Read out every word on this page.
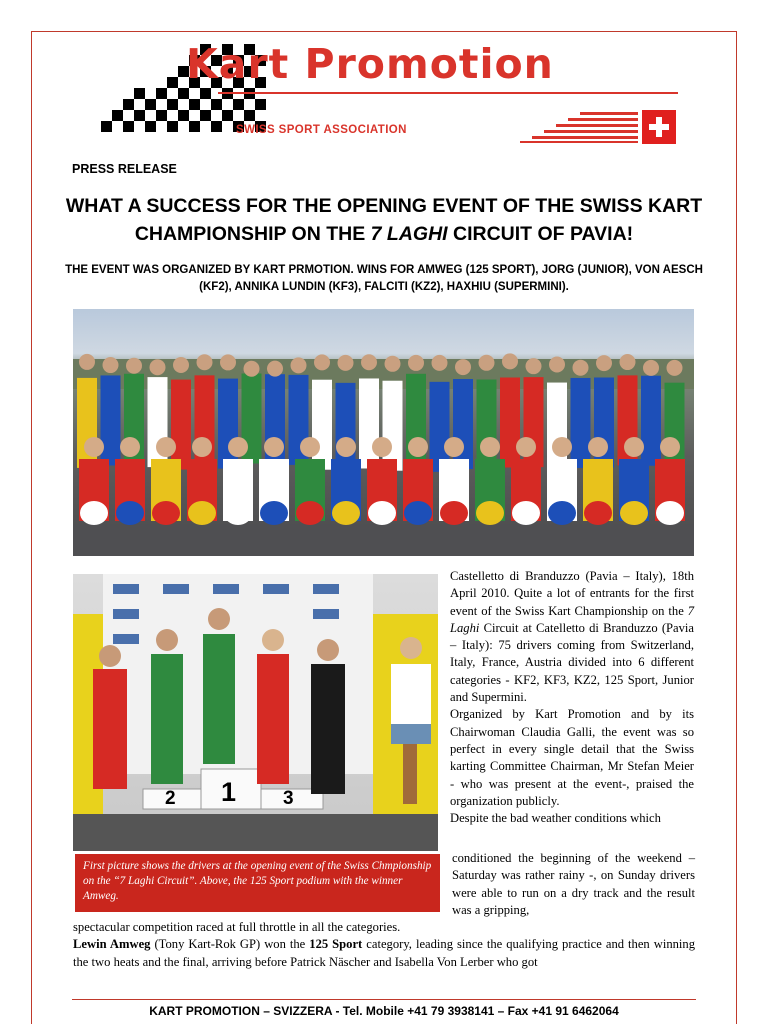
Kart Promotion
SWISS SPORT ASSOCIATION
PRESS RELEASE
WHAT A SUCCESS FOR THE OPENING EVENT OF THE SWISS KART CHAMPIONSHIP ON THE 7 LAGHI CIRCUIT OF PAVIA!

THE EVENT WAS ORGANIZED BY KART PRMOTION. WINS FOR AMWEG (125 SPORT), JORG (JUNIOR), VON AESCH (KF2), ANNIKA LUNDIN (KF3), FALCITI (KZ2), HAXHIU (SUPERMINI).

2 1 3

Castelletto di Branduzzo (Pavia – Italy), 18th April 2010. Quite a lot of entrants for the first event of the Swiss Kart Championship on the 7 Laghi Circuit at Catelletto di Branduzzo (Pavia – Italy): 75 drivers coming from Switzerland, Italy, France, Austria divided into 6 different categories - KF2, KF3, KZ2, 125 Sport, Junior and Supermini.

Organized by Kart Promotion and by its Chairwoman Claudia Galli, the event was so perfect in every single detail that the Swiss karting Committee Chairman, Mr Stefan Meier - who was present at the event-, praised the organization publicly.

Despite the bad weather conditions which

First picture shows the drivers at the opening event of the Swiss Chmpionship on the “7 Laghi Circuit”. Above, the 125 Sport podium with the winner Amweg.
conditioned the beginning of the weekend – Saturday was rather rainy -, on Sunday drivers were able to run on a dry track and the result was a gripping,

spectacular competition raced at full throttle in all the categories.

Lewin Amweg (Tony Kart-Rok GP) won the 125 Sport category, leading since the qualifying practice and then winning the two heats and the final, arriving before Patrick Näscher and Isabella Von Lerber who got

KART PROMOTION – SVIZZERA - Tel. Mobile +41 79 3938141 – Fax +41 91 6462064
